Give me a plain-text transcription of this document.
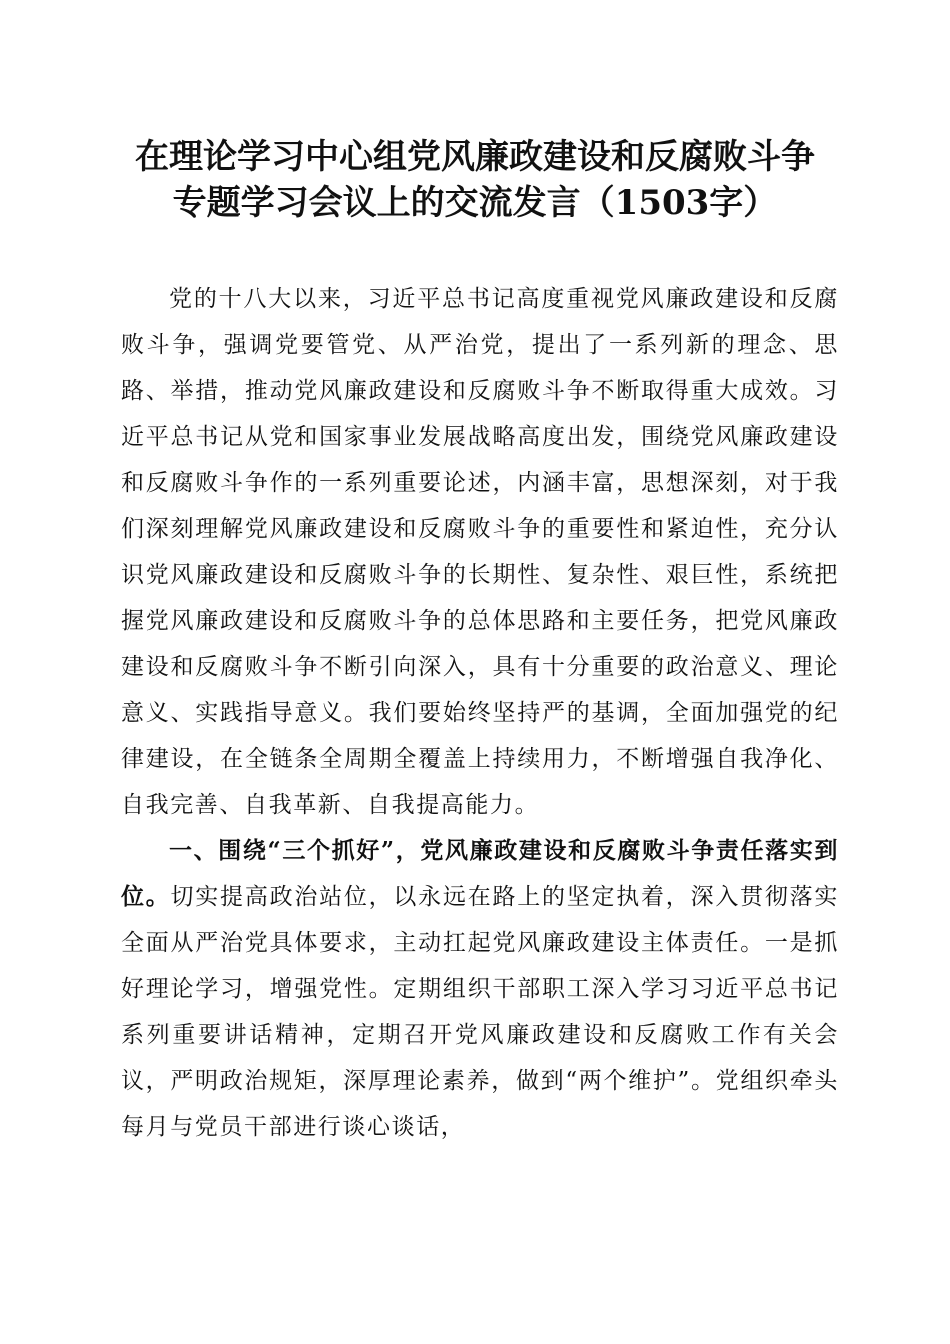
在理论学习中心组党风廉政建设和反腐败斗争
专题学习会议上的交流发言（1503字）

党的十八大以来，习近平总书记高度重视党风廉政建设和反腐败斗争，强调党要管党、从严治党，提出了一系列新的理念、思路、举措，推动党风廉政建设和反腐败斗争不断取得重大成效。习近平总书记从党和国家事业发展战略高度出发，围绕党风廉政建设和反腐败斗争作的一系列重要论述，内涵丰富，思想深刻，对于我们深刻理解党风廉政建设和反腐败斗争的重要性和紧迫性，充分认识党风廉政建设和反腐败斗争的长期性、复杂性、艰巨性，系统把握党风廉政建设和反腐败斗争的总体思路和主要任务，把党风廉政建设和反腐败斗争不断引向深入，具有十分重要的政治意义、理论意义、实践指导意义。我们要始终坚持严的基调，全面加强党的纪律建设，在全链条全周期全覆盖上持续用力，不断增强自我净化、自我完善、自我革新、自我提高能力。

一、围绕“三个抓好”，党风廉政建设和反腐败斗争责任落实到位。切实提高政治站位，以永远在路上的坚定执着，深入贯彻落实全面从严治党具体要求，主动扛起党风廉政建设主体责任。一是抓好理论学习，增强党性。定期组织干部职工深入学习习近平总书记系列重要讲话精神，定期召开党风廉政建设和反腐败工作有关会议，严明政治规矩，深厚理论素养，做到“两个维护”。党组织牵头每月与党员干部进行谈心谈话，
